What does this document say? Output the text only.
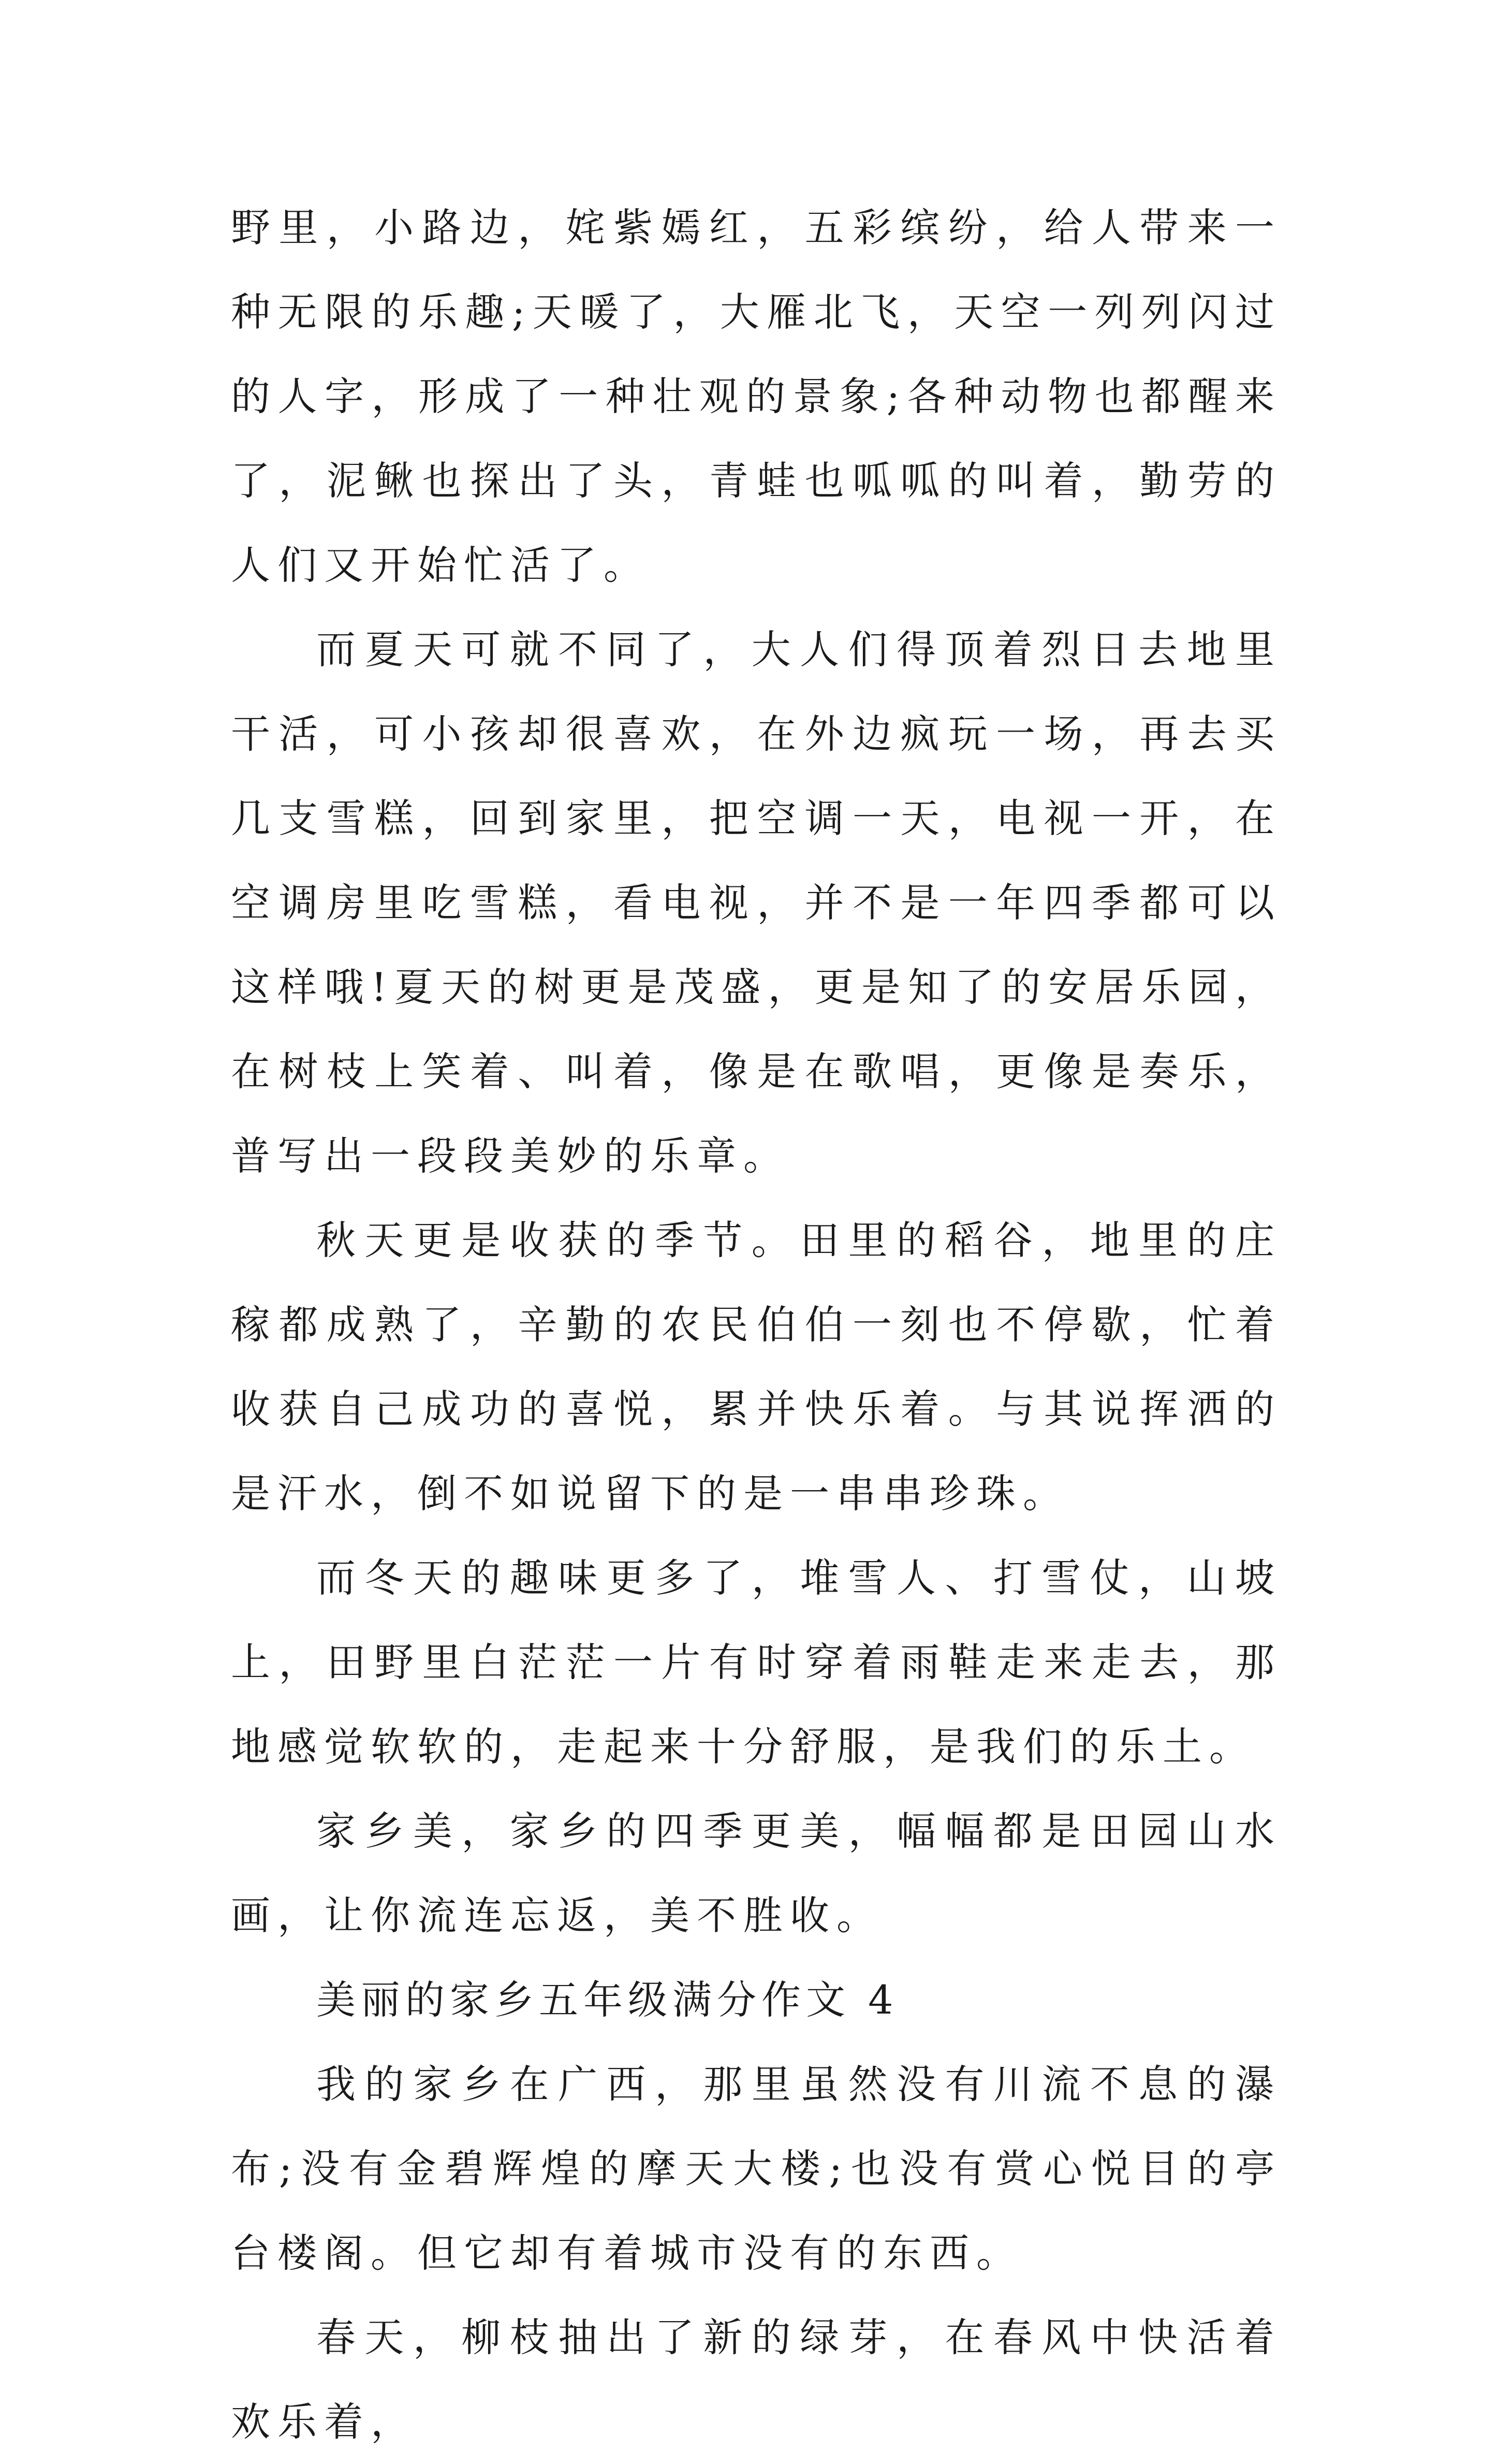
野里，小路边，姹紫嫣红，五彩缤纷，给人带来一种无限的乐趣;天暖了，大雁北飞，天空一列列闪过的人字，形成了一种壮观的景象;各种动物也都醒来了，泥鳅也探出了头，青蛙也呱呱的叫着，勤劳的人们又开始忙活了。

而夏天可就不同了，大人们得顶着烈日去地里干活，可小孩却很喜欢，在外边疯玩一场，再去买几支雪糕，回到家里，把空调一天，电视一开，在空调房里吃雪糕，看电视，并不是一年四季都可以这样哦!夏天的树更是茂盛，更是知了的安居乐园，在树枝上笑着、叫着，像是在歌唱，更像是奏乐，普写出一段段美妙的乐章。

秋天更是收获的季节。田里的稻谷，地里的庄稼都成熟了，辛勤的农民伯伯一刻也不停歇，忙着收获自己成功的喜悦，累并快乐着。与其说挥洒的是汗水，倒不如说留下的是一串串珍珠。

而冬天的趣味更多了，堆雪人、打雪仗，山坡上，田野里白茫茫一片有时穿着雨鞋走来走去，那地感觉软软的，走起来十分舒服，是我们的乐土。

家乡美，家乡的四季更美，幅幅都是田园山水画，让你流连忘返，美不胜收。

美丽的家乡五年级满分作文 4

我的家乡在广西，那里虽然没有川流不息的瀑布;没有金碧辉煌的摩天大楼;也没有赏心悦目的亭台楼阁。但它却有着城市没有的东西。

春天，柳枝抽出了新的绿芽，在春风中快活着欢乐着，
